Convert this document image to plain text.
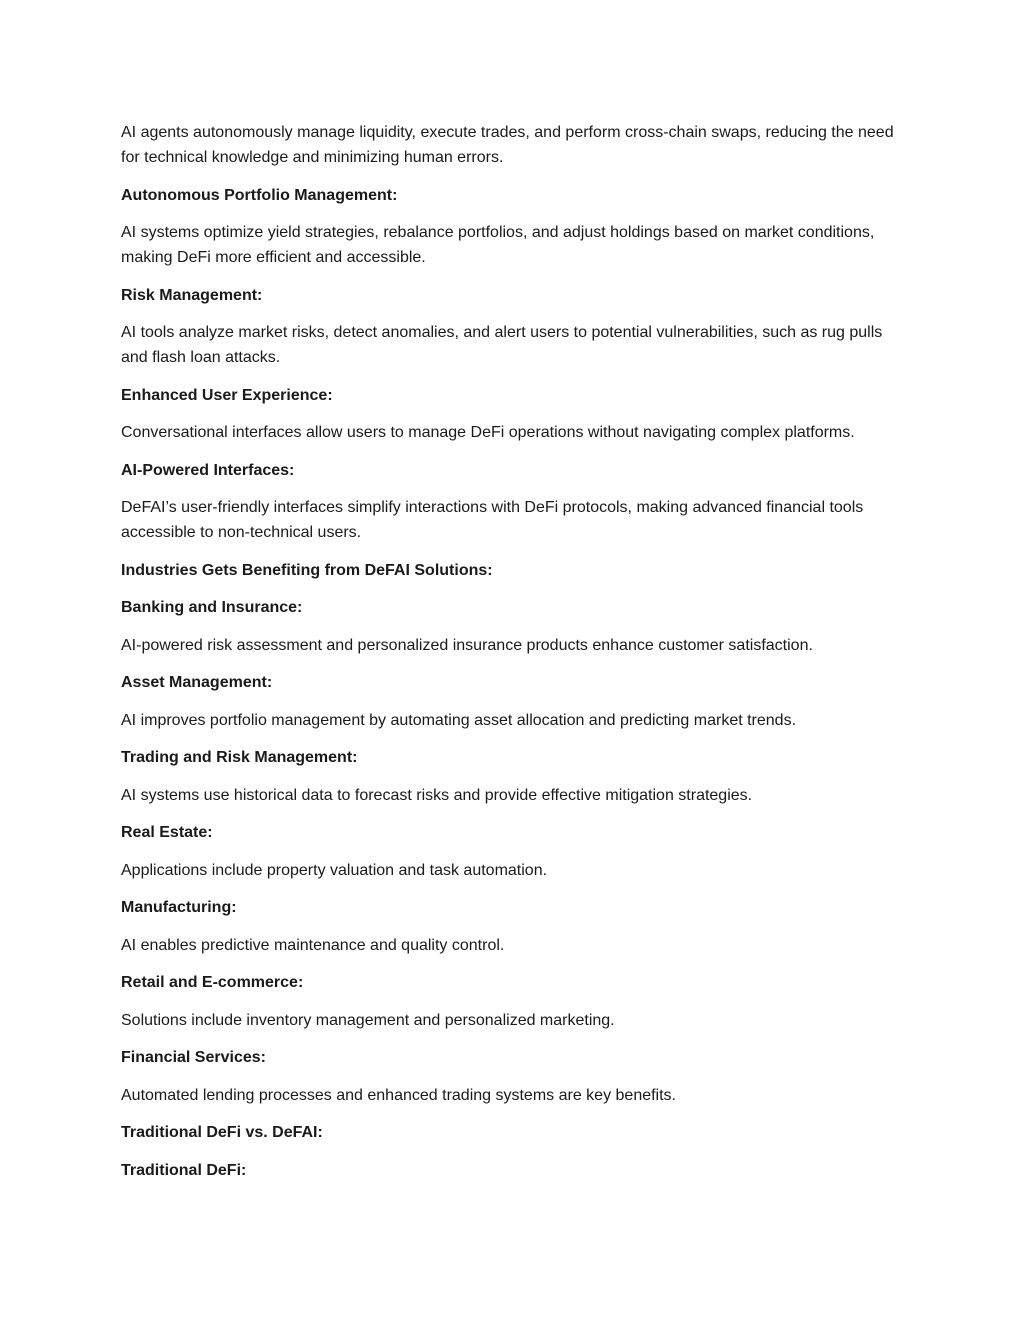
AI agents autonomously manage liquidity, execute trades, and perform cross-chain swaps, reducing the need for technical knowledge and minimizing human errors.

Autonomous Portfolio Management:

AI systems optimize yield strategies, rebalance portfolios, and adjust holdings based on market conditions, making DeFi more efficient and accessible.

Risk Management:

AI tools analyze market risks, detect anomalies, and alert users to potential vulnerabilities, such as rug pulls and flash loan attacks.

Enhanced User Experience:

Conversational interfaces allow users to manage DeFi operations without navigating complex platforms.

AI-Powered Interfaces:

DeFAI’s user-friendly interfaces simplify interactions with DeFi protocols, making advanced financial tools accessible to non-technical users.

Industries Gets Benefiting from DeFAI Solutions:

Banking and Insurance:

AI-powered risk assessment and personalized insurance products enhance customer satisfaction.

Asset Management:

AI improves portfolio management by automating asset allocation and predicting market trends.

Trading and Risk Management:

AI systems use historical data to forecast risks and provide effective mitigation strategies.

Real Estate:

Applications include property valuation and task automation.

Manufacturing:

AI enables predictive maintenance and quality control.

Retail and E-commerce:

Solutions include inventory management and personalized marketing.

Financial Services:

Automated lending processes and enhanced trading systems are key benefits.

Traditional DeFi vs. DeFAI:

Traditional DeFi:
